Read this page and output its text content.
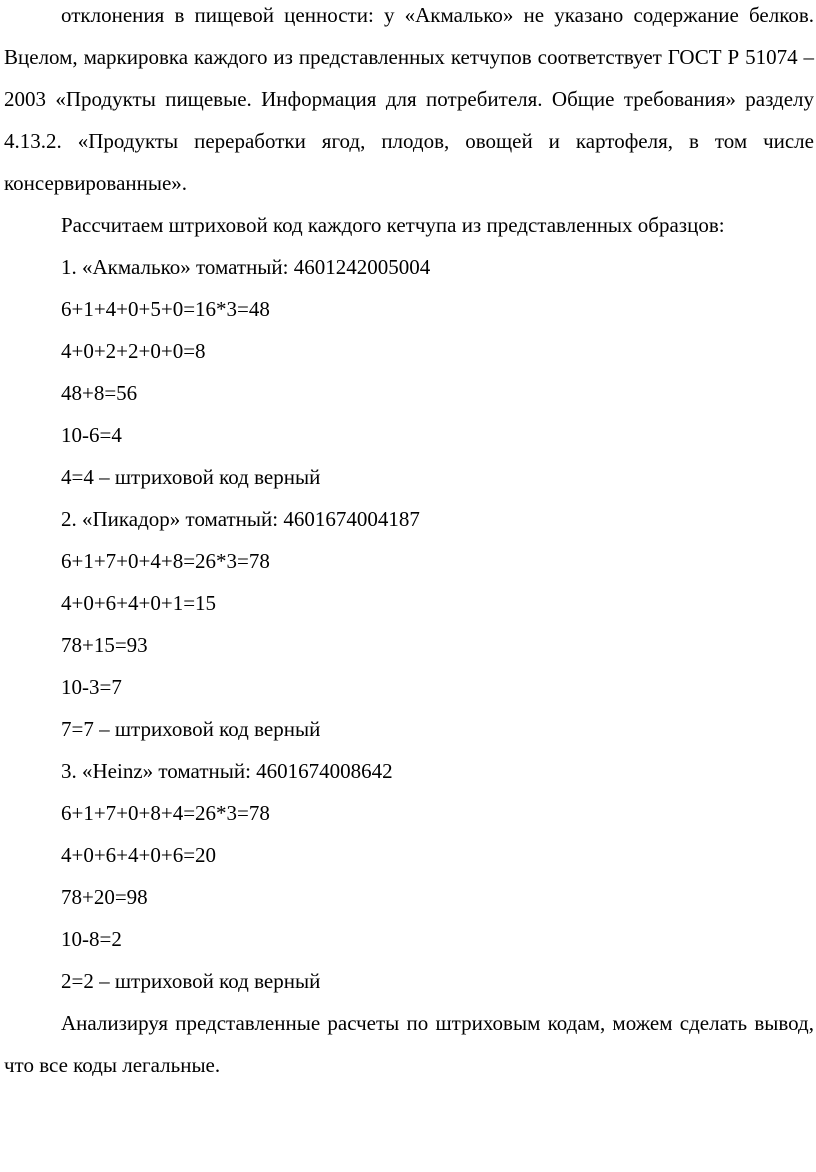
отклонения в пищевой ценности: у «Акмалько» не указано содержание белков. Вцелом, маркировка каждого из представленных кетчупов соответствует ГОСТ Р 51074 – 2003 «Продукты пищевые. Информация для потребителя. Общие требования» разделу 4.13.2. «Продукты переработки ягод, плодов, овощей и картофеля, в том числе консервированные».

Рассчитаем штриховой код каждого кетчупа из представленных образцов:

1. «Акмалько» томатный: 4601242005004

6+1+4+0+5+0=16*3=48

4+0+2+2+0+0=8

48+8=56

10-6=4

4=4 – штриховой код верный

2. «Пикадор» томатный: 4601674004187

6+1+7+0+4+8=26*3=78

4+0+6+4+0+1=15

78+15=93

10-3=7

7=7 – штриховой код верный

3. «Heinz» томатный: 4601674008642

6+1+7+0+8+4=26*3=78

4+0+6+4+0+6=20

78+20=98

10-8=2

2=2 – штриховой код верный

Анализируя представленные расчеты по штриховым кодам, можем сделать вывод, что все коды легальные.
